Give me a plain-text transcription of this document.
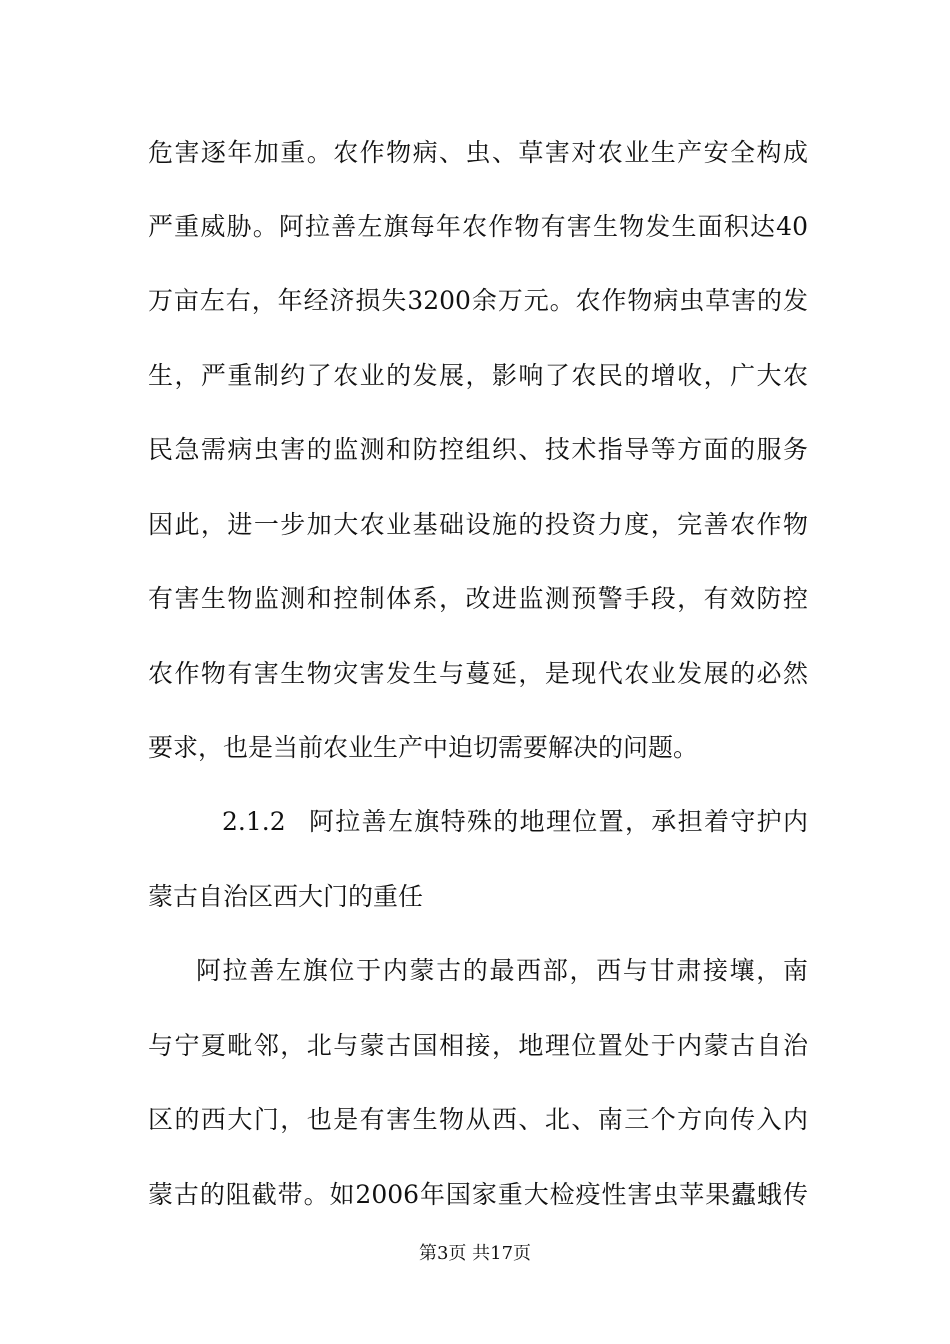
危害逐年加重。农作物病、虫、草害对农业生产安全构成
严重威胁。阿拉善左旗每年农作物有害生物发生面积达40
万亩左右，年经济损失3200余万元。农作物病虫草害的发
生，严重制约了农业的发展，影响了农民的增收，广大农
民急需病虫害的监测和防控组织、技术指导等方面的服务
因此，进一步加大农业基础设施的投资力度，完善农作物
有害生物监测和控制体系，改进监测预警手段，有效防控
农作物有害生物灾害发生与蔓延，是现代农业发展的必然
要求，也是当前农业生产中迫切需要解决的问题。
2.1.2 阿拉善左旗特殊的地理位置，承担着守护内
蒙古自治区西大门的重任
阿拉善左旗位于内蒙古的最西部，西与甘肃接壤，南
与宁夏毗邻，北与蒙古国相接，地理位置处于内蒙古自治
区的西大门，也是有害生物从西、北、南三个方向传入内
蒙古的阻截带。如2006年国家重大检疫性害虫苹果蠹蛾传
第3页 共17页
